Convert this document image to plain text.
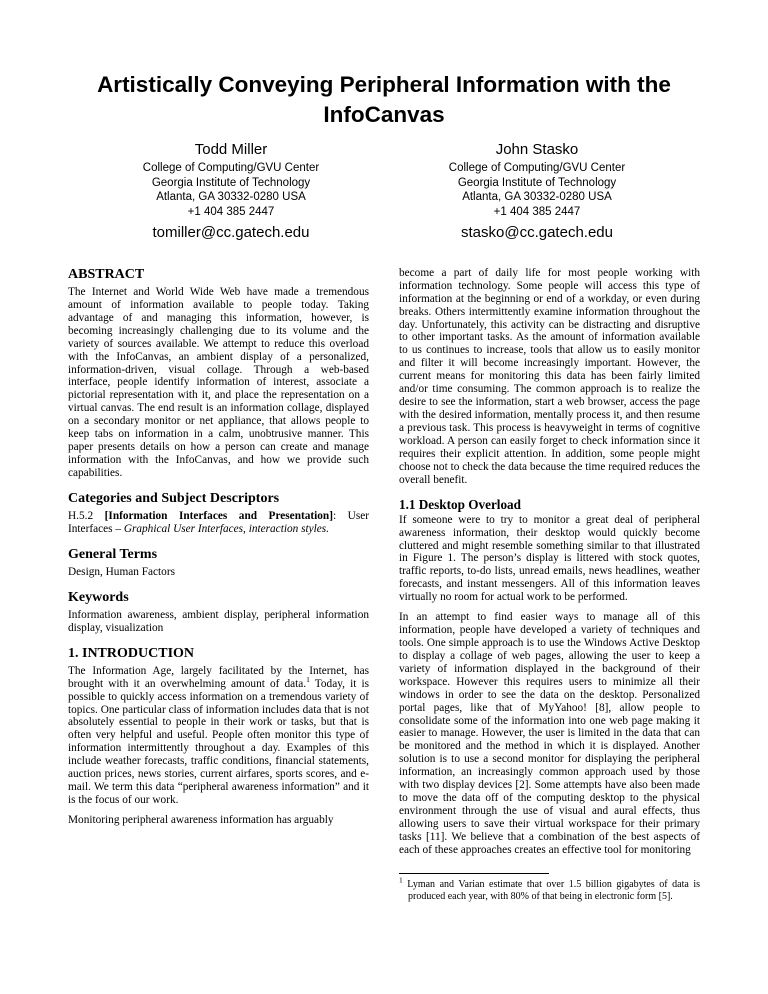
Artistically Conveying Peripheral Information with the InfoCanvas
Todd Miller
College of Computing/GVU Center
Georgia Institute of Technology
Atlanta, GA 30332-0280 USA
+1 404 385 2447
tomiller@cc.gatech.edu
John Stasko
College of Computing/GVU Center
Georgia Institute of Technology
Atlanta, GA 30332-0280 USA
+1 404 385 2447
stasko@cc.gatech.edu
ABSTRACT

The Internet and World Wide Web have made a tremendous amount of information available to people today. Taking advantage of and managing this information, however, is becoming increasingly challenging due to its volume and the variety of sources available. We attempt to reduce this overload with the InfoCanvas, an ambient display of a personalized, information-driven, visual collage. Through a web-based interface, people identify information of interest, associate a pictorial representation with it, and place the representation on a virtual canvas. The end result is an information collage, displayed on a secondary monitor or net appliance, that allows people to keep tabs on information in a calm, unobtrusive manner. This paper presents details on how a person can create and manage information with the InfoCanvas, and how we provide such capabilities.

Categories and Subject Descriptors

H.5.2 [Information Interfaces and Presentation]: User Interfaces – Graphical User Interfaces, interaction styles.

General Terms

Design, Human Factors

Keywords

Information awareness, ambient display, peripheral information display, visualization

1. INTRODUCTION

The Information Age, largely facilitated by the Internet, has brought with it an overwhelming amount of data.$^1$ Today, it is possible to quickly access information on a tremendous variety of topics. One particular class of information includes data that is not absolutely essential to people in their work or tasks, but that is often very helpful and useful. People often monitor this type of information intermittently throughout a day. Examples of this include weather forecasts, traffic conditions, financial statements, auction prices, news stories, current airfares, sports scores, and e-mail. We term this data “peripheral awareness information” and it is the focus of our work.

Monitoring peripheral awareness information has arguably

become a part of daily life for most people working with information technology. Some people will access this type of information at the beginning or end of a workday, or even during breaks. Others intermittently examine information throughout the day. Unfortunately, this activity can be distracting and disruptive to other important tasks. As the amount of information available to us continues to increase, tools that allow us to easily monitor and filter it will become increasingly important. However, the current means for monitoring this data has been fairly limited and/or time consuming. The common approach is to realize the desire to see the information, start a web browser, access the page with the desired information, mentally process it, and then resume a previous task. This process is heavyweight in terms of cognitive workload. A person can easily forget to check information since it requires their explicit attention. In addition, some people might choose not to check the data because the time required reduces the overall benefit.

1.1 Desktop Overload

If someone were to try to monitor a great deal of peripheral awareness information, their desktop would quickly become cluttered and might resemble something similar to that illustrated in Figure 1. The person’s display is littered with stock quotes, traffic reports, to-do lists, unread emails, news headlines, weather forecasts, and instant messengers. All of this information leaves virtually no room for actual work to be performed.

In an attempt to find easier ways to manage all of this information, people have developed a variety of techniques and tools. One simple approach is to use the Windows Active Desktop to display a collage of web pages, allowing the user to keep a variety of information displayed in the background of their workspace. However this requires users to minimize all their windows in order to see the data on the desktop. Personalized portal pages, like that of MyYahoo! [8], allow people to consolidate some of the information into one web page making it easier to manage. However, the user is limited in the data that can be monitored and the method in which it is displayed. Another solution is to use a second monitor for displaying the peripheral information, an increasingly common approach used by those with two display devices [2]. Some attempts have also been made to move the data off of the computing desktop to the physical environment through the use of visual and aural effects, thus allowing users to save their virtual workspace for their primary tasks [11]. We believe that a combination of the best aspects of each of these approaches creates an effective tool for monitoring

$^1$ Lyman and Varian estimate that over 1.5 billion gigabytes of data is produced each year, with 80% of that being in electronic form [5].
